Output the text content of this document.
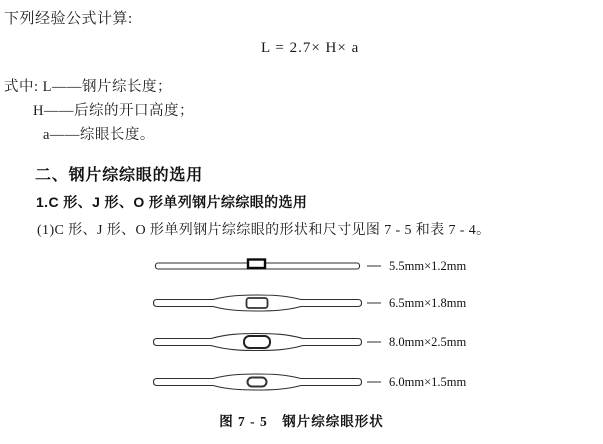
下列经验公式计算:
L = 2.7× H× a
式中: L——钢片综长度；
H——后综的开口高度；
a——综眼长度。
二、钢片综综眼的选用
1.C 形、J 形、O 形单列钢片综综眼的选用
(1)C 形、J 形、O 形单列钢片综综眼的形状和尺寸见图 7 - 5 和表 7 - 4。
5.5mm×1.2mm
6.5mm×1.8mm
8.0mm×2.5mm
6.0mm×1.5mm
图 7 - 5　钢片综综眼形状
